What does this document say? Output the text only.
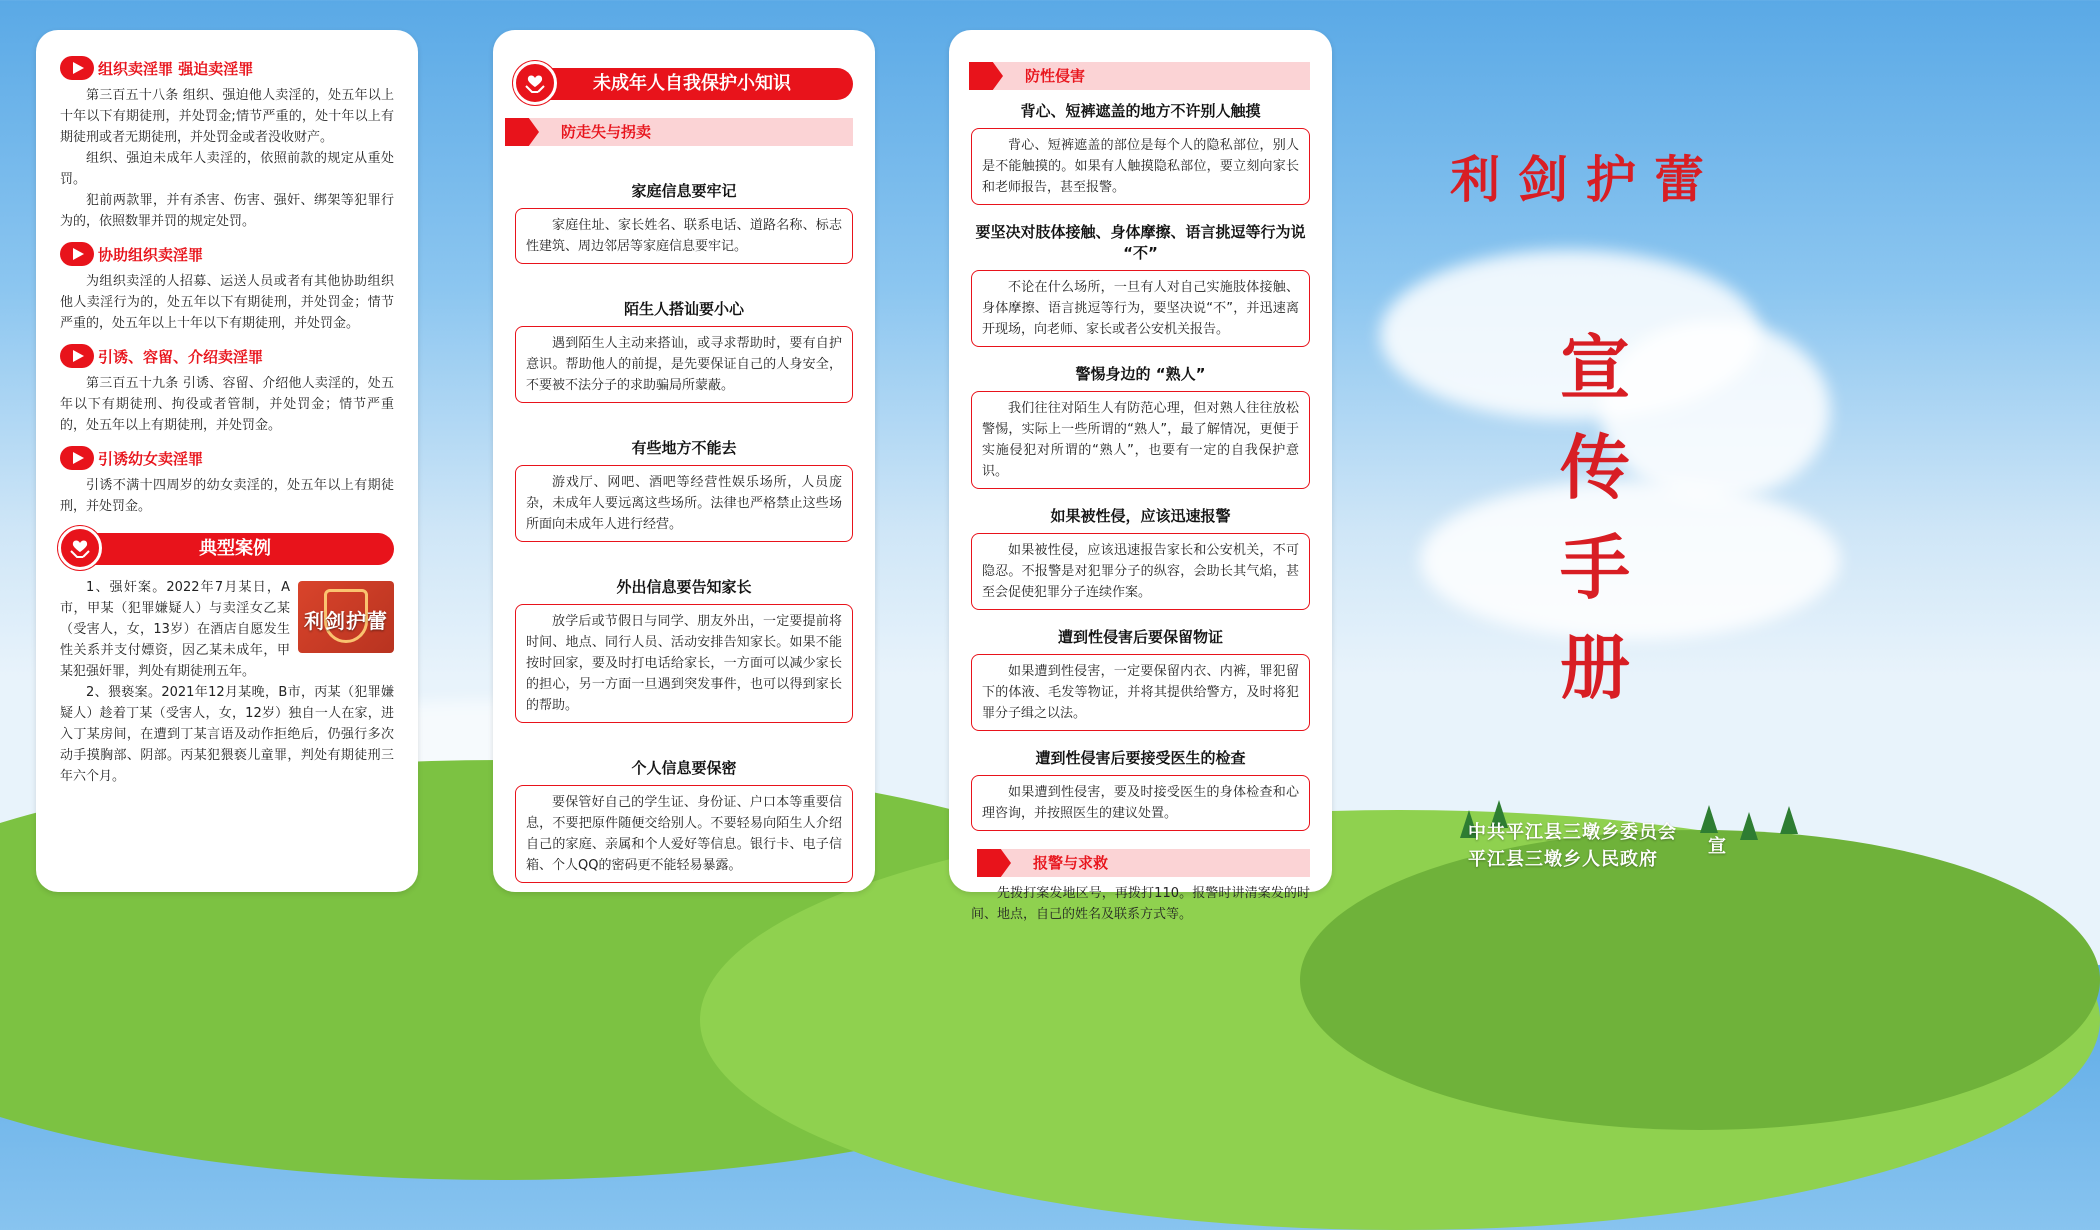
组织卖淫罪 强迫卖淫罪

第三百五十八条 组织、强迫他人卖淫的，处五年以上十年以下有期徒刑，并处罚金;情节严重的，处十年以上有期徒刑或者无期徒刑，并处罚金或者没收财产。

组织、强迫未成年人卖淫的，依照前款的规定从重处罚。

犯前两款罪，并有杀害、伤害、强奸、绑架等犯罪行为的，依照数罪并罚的规定处罚。

协助组织卖淫罪

为组织卖淫的人招募、运送人员或者有其他协助组织他人卖淫行为的，处五年以下有期徒刑，并处罚金；情节严重的，处五年以上十年以下有期徒刑，并处罚金。

引诱、容留、介绍卖淫罪

第三百五十九条 引诱、容留、介绍他人卖淫的，处五年以下有期徒刑、拘役或者管制，并处罚金；情节严重的，处五年以上有期徒刑，并处罚金。

引诱幼女卖淫罪

引诱不满十四周岁的幼女卖淫的，处五年以上有期徒刑，并处罚金。

典型案例
利剑护蕾

1、强奸案。2022年7月某日，A市，甲某（犯罪嫌疑人）与卖淫女乙某（受害人，女，13岁）在酒店自愿发生性关系并支付嫖资，因乙某未成年，甲某犯强奸罪，判处有期徒刑五年。

2、猥亵案。2021年12月某晚，B市，丙某（犯罪嫌疑人）趁着丁某（受害人，女，12岁）独自一人在家，进入丁某房间，在遭到丁某言语及动作拒绝后，仍强行多次动手摸胸部、阴部。丙某犯猥亵儿童罪，判处有期徒刑三年六个月。

未成年人自我保护小知识
防走失与拐卖
家庭信息要牢记
家庭住址、家长姓名、联系电话、道路名称、标志性建筑、周边邻居等家庭信息要牢记。
陌生人搭讪要小心
遇到陌生人主动来搭讪，或寻求帮助时，要有自护意识。帮助他人的前提，是先要保证自己的人身安全，不要被不法分子的求助骗局所蒙蔽。
有些地方不能去
游戏厅、网吧、酒吧等经营性娱乐场所，人员庞杂，未成年人要远离这些场所。法律也严格禁止这些场所面向未成年人进行经营。
外出信息要告知家长
放学后或节假日与同学、朋友外出，一定要提前将时间、地点、同行人员、活动安排告知家长。如果不能按时回家，要及时打电话给家长，一方面可以减少家长的担心，另一方面一旦遇到突发事件，也可以得到家长的帮助。
个人信息要保密
要保管好自己的学生证、身份证、户口本等重要信息，不要把原件随便交给别人。不要轻易向陌生人介绍自己的家庭、亲属和个人爱好等信息。银行卡、电子信箱、个人QQ的密码更不能轻易暴露。
防性侵害
背心、短裤遮盖的地方不许别人触摸
背心、短裤遮盖的部位是每个人的隐私部位，别人是不能触摸的。如果有人触摸隐私部位，要立刻向家长和老师报告，甚至报警。
要坚决对肢体接触、身体摩擦、语言挑逗等行为说 “不”
不论在什么场所，一旦有人对自己实施肢体接触、身体摩擦、语言挑逗等行为，要坚决说“不”，并迅速离开现场，向老师、家长或者公安机关报告。
警惕身边的 “熟人”
我们往往对陌生人有防范心理，但对熟人往往放松警惕，实际上一些所谓的“熟人”，最了解情况，更便于实施侵犯对所谓的“熟人”，也要有一定的自我保护意识。
如果被性侵，应该迅速报警
如果被性侵，应该迅速报告家长和公安机关，不可隐忍。不报警是对犯罪分子的纵容，会助长其气焰，甚至会促使犯罪分子连续作案。
遭到性侵害后要保留物证
如果遭到性侵害，一定要保留内衣、内裤，罪犯留下的体液、毛发等物证，并将其提供给警方，及时将犯罪分子缉之以法。
遭到性侵害后要接受医生的检查
如果遭到性侵害，要及时接受医生的身体检查和心理咨询，并按照医生的建议处置。
报警与求救

先拨打案发地区号，再拨打110。报警时讲清案发的时间、地点，自己的姓名及联系方式等。

利剑护蕾
宣
传
手
册
中共平江县三墩乡委员会
平江县三墩乡人民政府
宣
